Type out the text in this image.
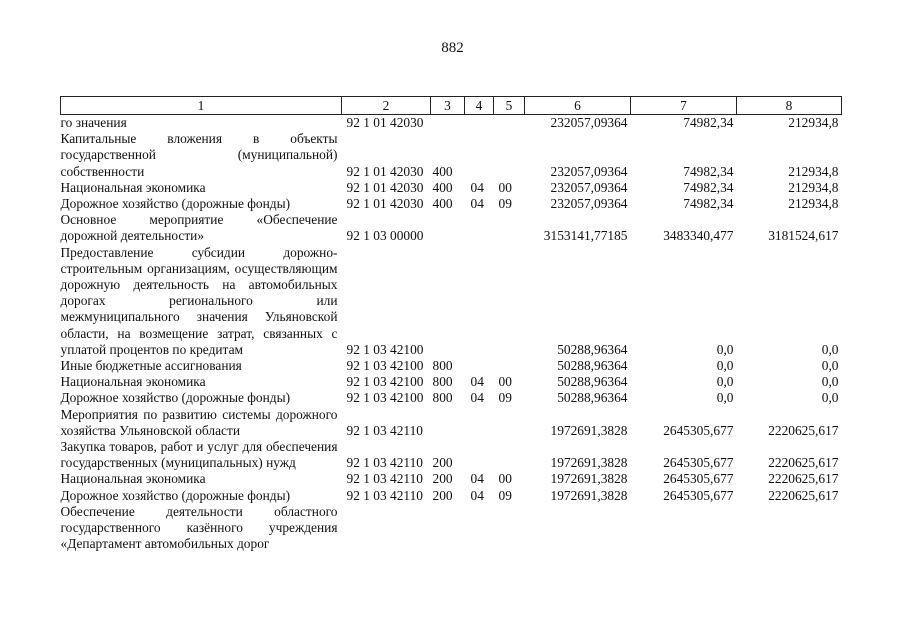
882
1	2	3	4	5	6	7	8
го значения	92 1 01 42030				232057,09364	74982,34	212934,8
Капитальные вложения в объекты государственной (муниципальной) собственности	92 1 01 42030	400			232057,09364	74982,34	212934,8
Национальная экономика	92 1 01 42030	400	04	00	232057,09364	74982,34	212934,8
Дорожное хозяйство (дорожные фонды)	92 1 01 42030	400	04	09	232057,09364	74982,34	212934,8
Основное мероприятие «Обеспечение дорожной деятельности»	92 1 03 00000				3153141,77185	3483340,477	3181524,617
Предоставление субсидии дорожно-строительным организациям, осуществляющим дорожную деятельность на автомобильных дорогах регионального или межмуниципального значения Ульяновской области, на возмещение затрат, связанных с уплатой процентов по кредитам	92 1 03 42100				50288,96364	0,0	0,0
Иные бюджетные ассигнования	92 1 03 42100	800			50288,96364	0,0	0,0
Национальная экономика	92 1 03 42100	800	04	00	50288,96364	0,0	0,0
Дорожное хозяйство (дорожные фонды)	92 1 03 42100	800	04	09	50288,96364	0,0	0,0
Мероприятия по развитию системы дорожного хозяйства Ульяновской области	92 1 03 42110				1972691,3828	2645305,677	2220625,617
Закупка товаров, работ и услуг для обеспечения государственных (муниципальных) нужд	92 1 03 42110	200			1972691,3828	2645305,677	2220625,617
Национальная экономика	92 1 03 42110	200	04	00	1972691,3828	2645305,677	2220625,617
Дорожное хозяйство (дорожные фонды)	92 1 03 42110	200	04	09	1972691,3828	2645305,677	2220625,617
Обеспечение деятельности областного государственного казённого учреждения «Департамент автомобильных дорог							
